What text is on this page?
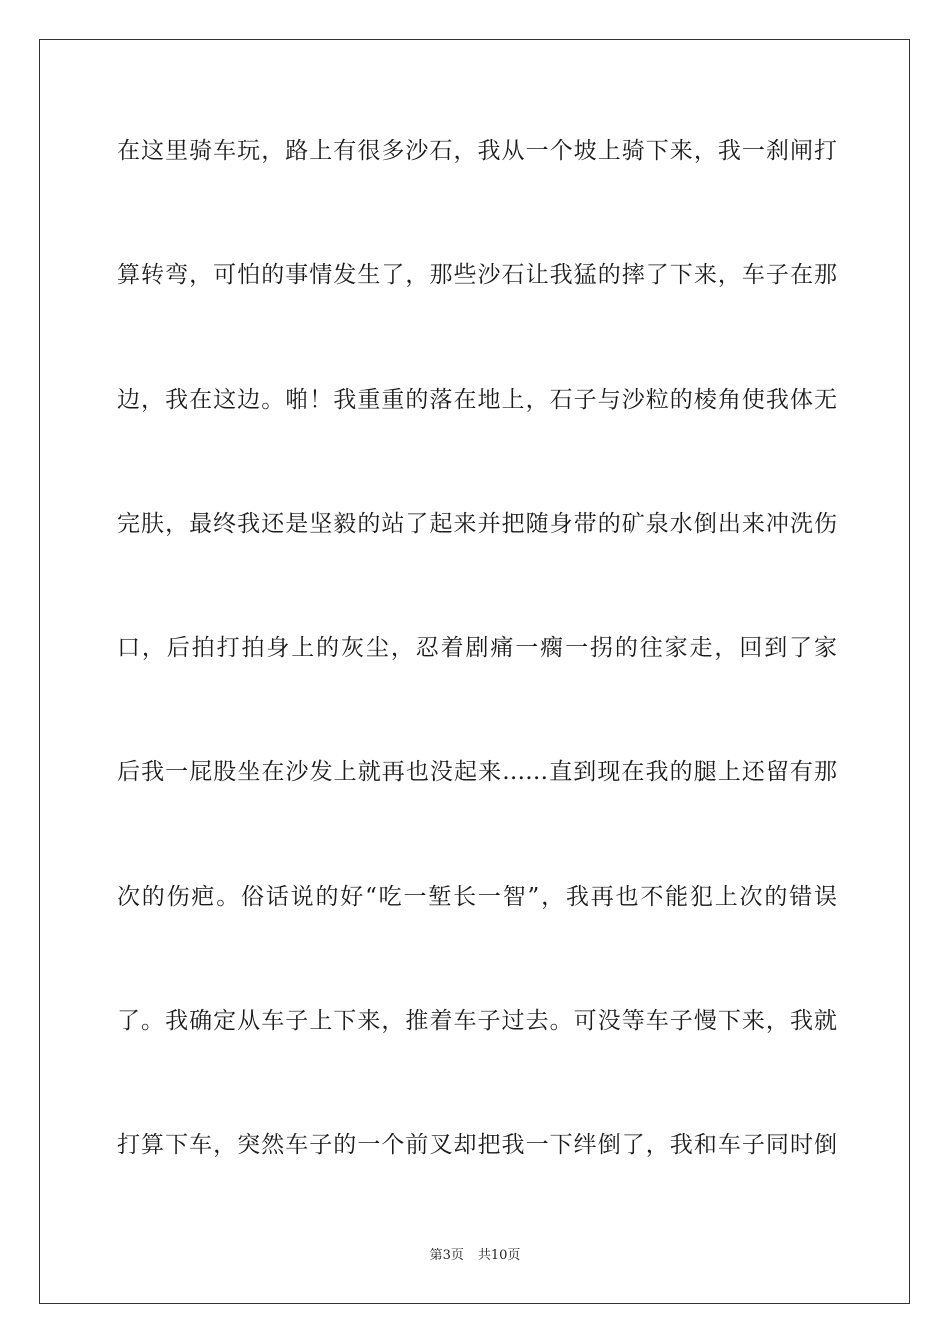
在这里骑车玩，路上有很多沙石，我从一个坡上骑下来，我一刹闸打
算转弯，可怕的事情发生了，那些沙石让我猛的摔了下来，车子在那
边，我在这边。啪！我重重的落在地上，石子与沙粒的棱角使我体无
完肤，最终我还是坚毅的站了起来并把随身带的矿泉水倒出来冲洗伤
口，后拍打拍身上的灰尘，忍着剧痛一瘸一拐的往家走，回到了家
后我一屁股坐在沙发上就再也没起来……直到现在我的腿上还留有那
次的伤疤。俗话说的好“吃一堑长一智”，我再也不能犯上次的错误
了。我确定从车子上下来，推着车子过去。可没等车子慢下来，我就
打算下车，突然车子的一个前叉却把我一下绊倒了，我和车子同时倒
第3页 共10页
